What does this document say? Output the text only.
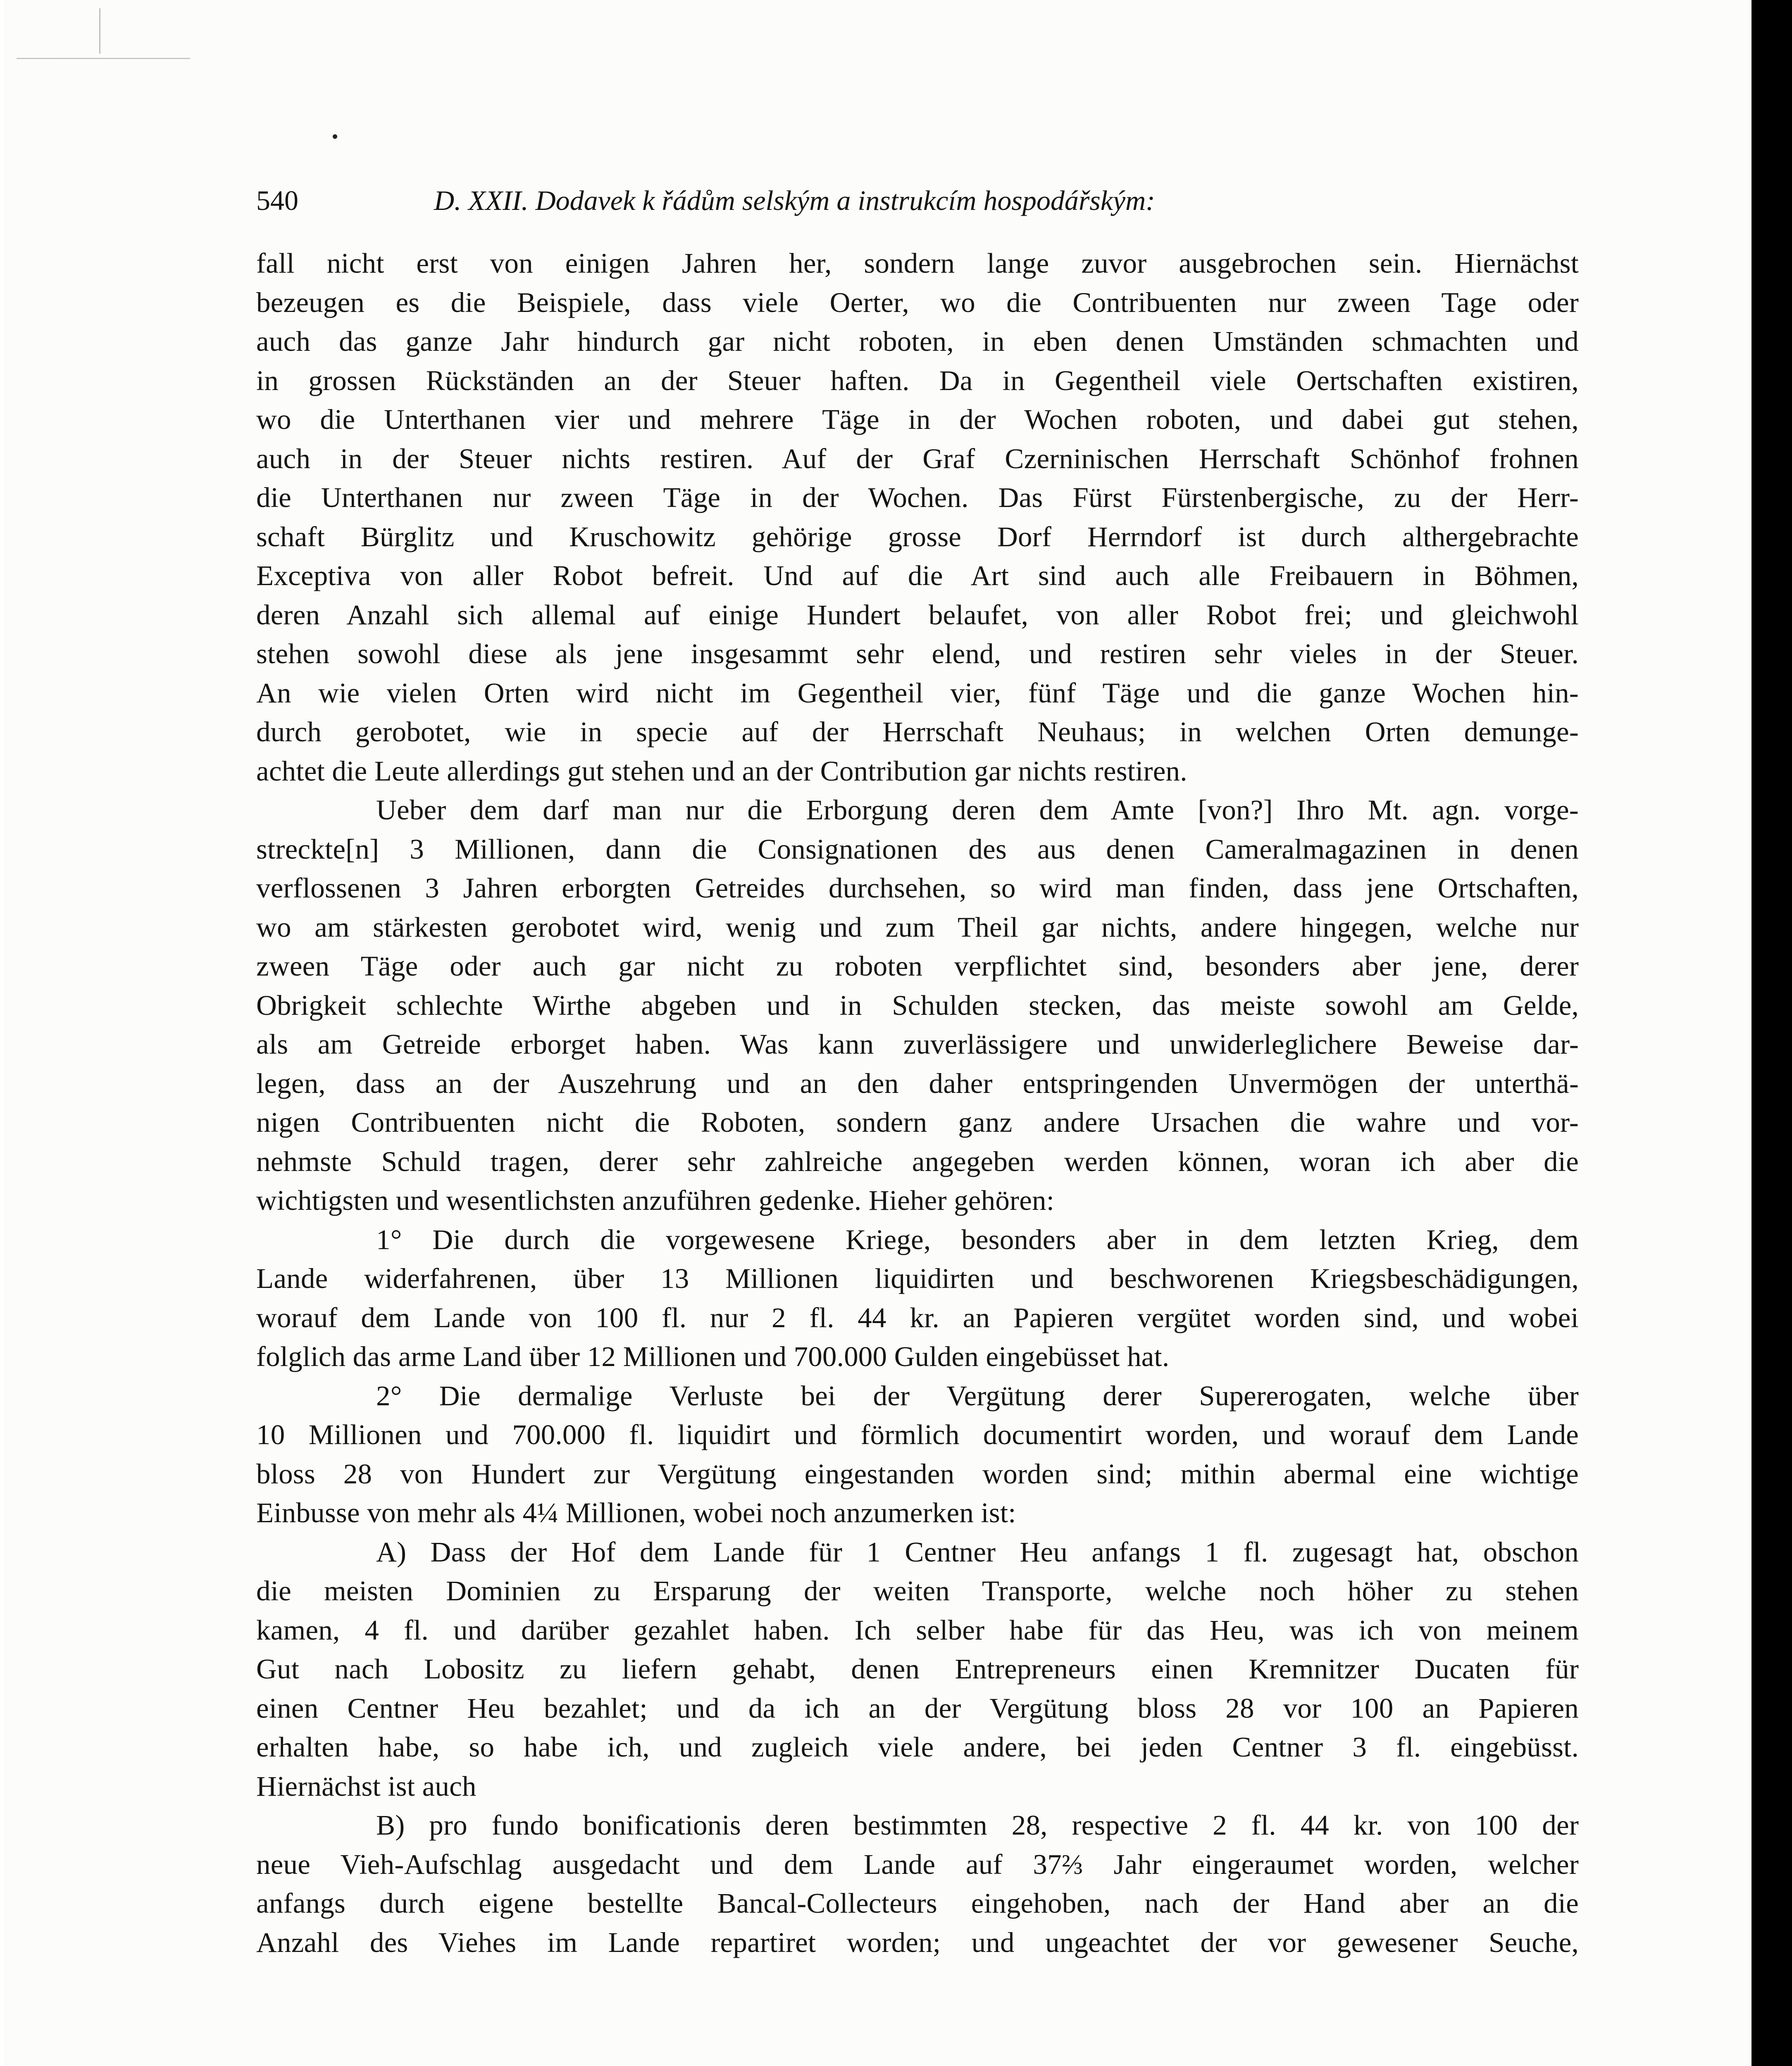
540	D. XXII. Dodavek k řádům selským a instrukcím hospodářským:
fall nicht erst von einigen Jahren her, sondern lange zuvor ausgebrochen sein. Hiernächst
bezeugen es die Beispiele, dass viele Oerter, wo die Contribuenten nur zween Tage oder
auch das ganze Jahr hindurch gar nicht roboten, in eben denen Umständen schmachten und
in grossen Rückständen an der Steuer haften. Da in Gegentheil viele Oertschaften existiren,
wo die Unterthanen vier und mehrere Täge in der Wochen roboten, und dabei gut stehen,
auch in der Steuer nichts restiren. Auf der Graf Czerninischen Herrschaft Schönhof frohnen
die Unterthanen nur zween Täge in der Wochen. Das Fürst Fürstenbergische, zu der Herr-
schaft Bürglitz und Kruschowitz gehörige grosse Dorf Herrndorf ist durch althergebrachte
Exceptiva von aller Robot befreit. Und auf die Art sind auch alle Freibauern in Böhmen,
deren Anzahl sich allemal auf einige Hundert belaufet, von aller Robot frei; und gleichwohl
stehen sowohl diese als jene insgesammt sehr elend, und restiren sehr vieles in der Steuer.
An wie vielen Orten wird nicht im Gegentheil vier, fünf Täge und die ganze Wochen hin-
durch gerobotet, wie in specie auf der Herrschaft Neuhaus; in welchen Orten demunge-
achtet die Leute allerdings gut stehen und an der Contribution gar nichts restiren.
Ueber dem darf man nur die Erborgung deren dem Amte [von?] Ihro Mt. agn. vorge-
streckte[n] 3 Millionen, dann die Consignationen des aus denen Cameralmagazinen in denen
verflossenen 3 Jahren erborgten Getreides durchsehen, so wird man finden, dass jene Ortschaften,
wo am stärkesten gerobotet wird, wenig und zum Theil gar nichts, andere hingegen, welche nur
zween Täge oder auch gar nicht zu roboten verpflichtet sind, besonders aber jene, derer
Obrigkeit schlechte Wirthe abgeben und in Schulden stecken, das meiste sowohl am Gelde,
als am Getreide erborget haben. Was kann zuverlässigere und unwiderleglichere Beweise dar-
legen, dass an der Auszehrung und an den daher entspringenden Unvermögen der unterthä-
nigen Contribuenten nicht die Roboten, sondern ganz andere Ursachen die wahre und vor-
nehmste Schuld tragen, derer sehr zahlreiche angegeben werden können, woran ich aber die
wichtigsten und wesentlichsten anzuführen gedenke. Hieher gehören:
1° Die durch die vorgewesene Kriege, besonders aber in dem letzten Krieg, dem
Lande widerfahrenen, über 13 Millionen liquidirten und beschworenen Kriegsbeschädigungen,
worauf dem Lande von 100 fl. nur 2 fl. 44 kr. an Papieren vergütet worden sind, und wobei
folglich das arme Land über 12 Millionen und 700.000 Gulden eingebüsset hat.
2° Die dermalige Verluste bei der Vergütung derer Supererogaten, welche über
10 Millionen und 700.000 fl. liquidirt und förmlich documentirt worden, und worauf dem Lande
bloss 28 von Hundert zur Vergütung eingestanden worden sind; mithin abermal eine wichtige
Einbusse von mehr als 4¼ Millionen, wobei noch anzumerken ist:
A) Dass der Hof dem Lande für 1 Centner Heu anfangs 1 fl. zugesagt hat, obschon
die meisten Dominien zu Ersparung der weiten Transporte, welche noch höher zu stehen
kamen, 4 fl. und darüber gezahlet haben. Ich selber habe für das Heu, was ich von meinem
Gut nach Lobositz zu liefern gehabt, denen Entrepreneurs einen Kremnitzer Ducaten für
einen Centner Heu bezahlet; und da ich an der Vergütung bloss 28 vor 100 an Papieren
erhalten habe, so habe ich, und zugleich viele andere, bei jeden Centner 3 fl. eingebüsst.
Hiernächst ist auch
B) pro fundo bonificationis deren bestimmten 28, respective 2 fl. 44 kr. von 100 der
neue Vieh-Aufschlag ausgedacht und dem Lande auf 37⅔ Jahr eingeraumet worden, welcher
anfangs durch eigene bestellte Bancal-Collecteurs eingehoben, nach der Hand aber an die
Anzahl des Viehes im Lande repartiret worden; und ungeachtet der vor gewesener Seuche,
